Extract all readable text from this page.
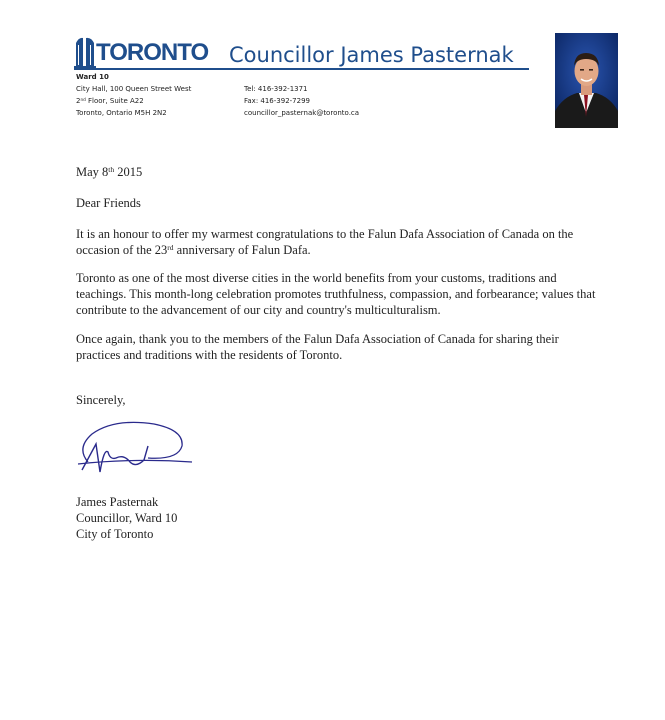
TORONTO Councillor James Pasternak
Ward 10
City Hall, 100 Queen Street West
2nd Floor, Suite A22
Toronto, Ontario M5H 2N2
Tel: 416-392-1371
Fax: 416-392-7299
councillor_pasternak@toronto.ca
May 8th 2015
Dear Friends
It is an honour to offer my warmest congratulations to the Falun Dafa Association of Canada on the occasion of the 23rd anniversary of Falun Dafa.
Toronto as one of the most diverse cities in the world benefits from your customs, traditions and teachings. This month-long celebration promotes truthfulness, compassion, and forbearance; values that contribute to the advancement of our city and country's multiculturalism.
Once again, thank you to the members of the Falun Dafa Association of Canada for sharing their practices and traditions with the residents of Toronto.
Sincerely,
James Pasternak
Councillor, Ward 10
City of Toronto
